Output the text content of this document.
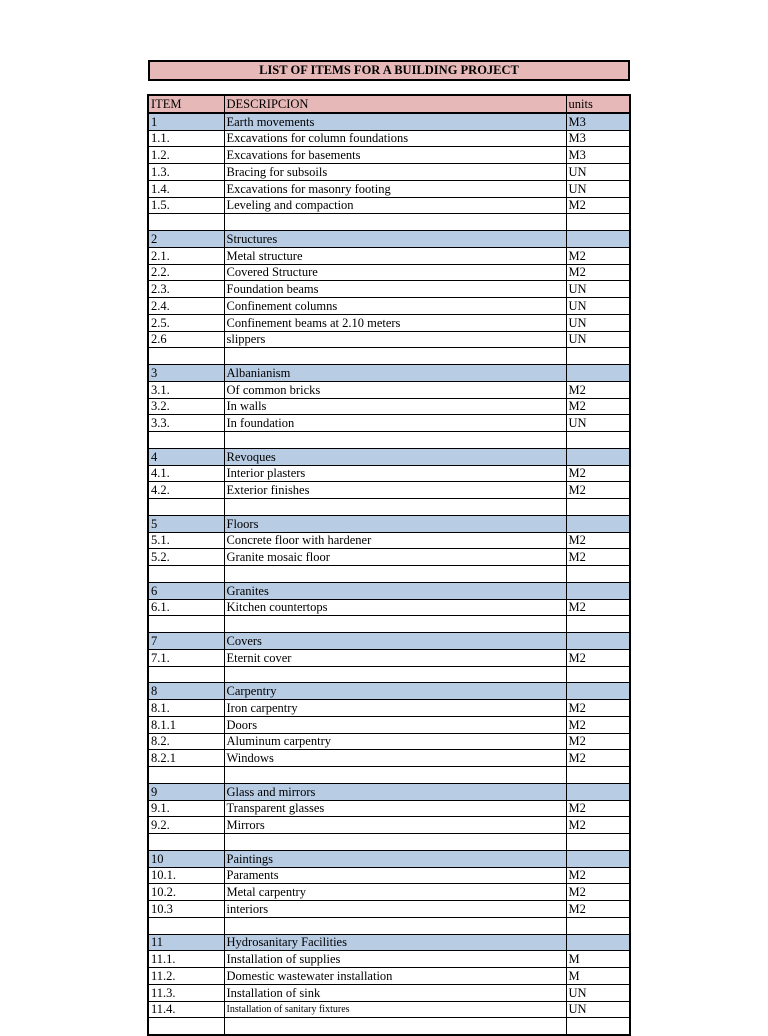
LIST OF ITEMS FOR A BUILDING PROJECT
ITEM	DESCRIPCION	units
1	Earth movements	M3
1.1.	Excavations for column foundations	M3
1.2.	Excavations for basements	M3
1.3.	Bracing for subsoils	UN
1.4.	Excavations for masonry footing	UN
1.5.	Leveling and compaction	M2

2	Structures	
2.1.	Metal structure	M2
2.2.	Covered Structure	M2
2.3.	Foundation beams	UN
2.4.	Confinement columns	UN
2.5.	Confinement beams at 2.10 meters	UN
2.6	slippers	UN

3	Albanianism	
3.1.	Of common bricks	M2
3.2.	In walls	M2
3.3.	In foundation	UN

4	Revoques	
4.1.	Interior plasters	M2
4.2.	Exterior finishes	M2

5	Floors	
5.1.	Concrete floor with hardener	M2
5.2.	Granite mosaic floor	M2

6	Granites	
6.1.	Kitchen countertops	M2

7	Covers	
7.1.	Eternit cover	M2

8	Carpentry	
8.1.	Iron carpentry	M2
8.1.1	Doors	M2
8.2.	Aluminum carpentry	M2
8.2.1	Windows	M2

9	Glass and mirrors	
9.1.	Transparent glasses	M2
9.2.	Mirrors	M2

10	Paintings	
10.1.	Paraments	M2
10.2.	Metal carpentry	M2
10.3	interiors	M2

11	Hydrosanitary Facilities	
11.1.	Installation of supplies	M
11.2.	Domestic wastewater installation	M
11.3.	Installation of sink	UN
11.4.	Installation of sanitary fixtures	UN
